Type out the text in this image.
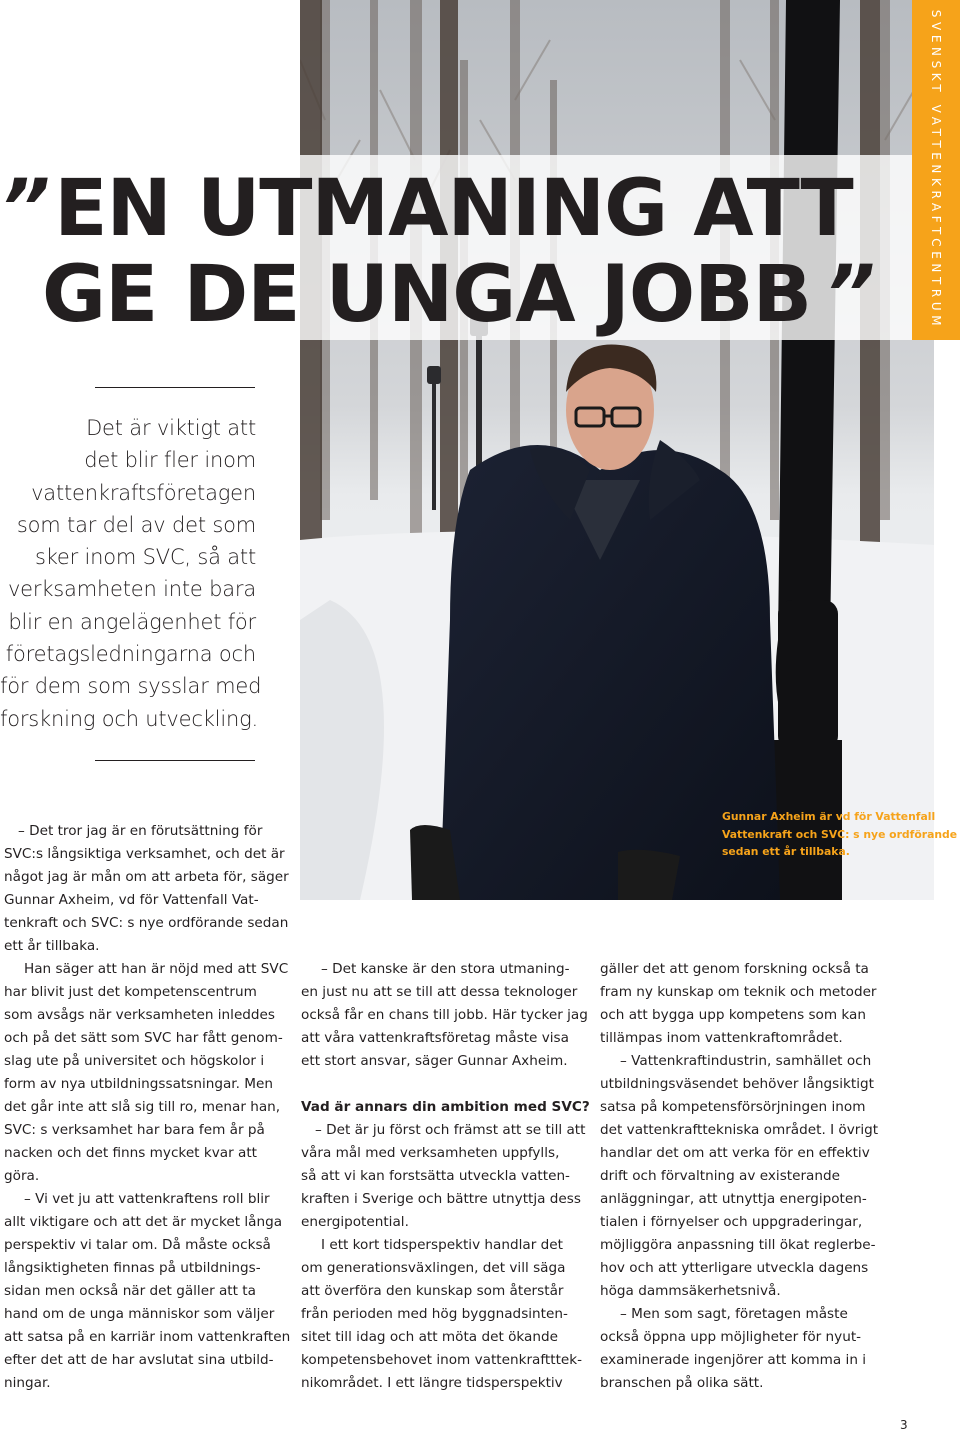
SVENSKT VATTENKRAFTCENTRUM
” EN UTMANING ATT
GE DE UNGA JOBB ”
Det är viktigt att
det blir fler inom
vattenkraftsföretagen
som tar del av det som
sker inom SVC, så att
verksamheten inte bara
blir en angelägenhet för
företagsledningarna och
för dem som sysslar med
forskning och utveckling.
Gunnar Axheim är vd för Vattenfall
Vattenkraft och SVC: s nye ordförande
sedan ett år tillbaka.
– Det tror jag är en förutsättning för
SVC:s långsiktiga verksamhet, och det är
något jag är mån om att arbeta för, säger
Gunnar Axheim, vd för Vattenfall Vat-
tenkraft och SVC: s nye ordförande sedan
ett år tillbaka.
Han säger att han är nöjd med att SVC
har blivit just det kompetenscentrum
som avsågs när verksamheten inleddes
och på det sätt som SVC har fått genom-
slag ute på universitet och högskolor i
form av nya utbildningssatsningar. Men
det går inte att slå sig till ro, menar han,
SVC: s verksamhet har bara fem år på
nacken och det finns mycket kvar att
göra.
– Vi vet ju att vattenkraftens roll blir
allt viktigare och att det är mycket långa
perspektiv vi talar om. Då måste också
långsiktigheten finnas på utbildnings-
sidan men också när det gäller att ta
hand om de unga människor som väljer
att satsa på en karriär inom vattenkraften
efter det att de har avslutat sina utbild-
ningar.
– Det kanske är den stora utmaning-
en just nu att se till att dessa teknologer
också får en chans till jobb. Här tycker jag
att våra vattenkraftsföretag måste visa
ett stort ansvar, säger Gunnar Axheim.
Vad är annars din ambition med SVC?
– Det är ju först och främst att se till att
våra mål med verksamheten uppfylls,
så att vi kan forstsätta utveckla vatten-
kraften i Sverige och bättre utnyttja dess
energipotential.
I ett kort tidsperspektiv handlar det
om generationsväxlingen, det vill säga
att överföra den kunskap som återstår
från perioden med hög byggnadsinten-
sitet till idag och att möta det ökande
kompetensbehovet inom vattenkraftttek-
nikområdet. I ett längre tidsperspektiv
gäller det att genom forskning också ta
fram ny kunskap om teknik och metoder
och att bygga upp kompetens som kan
tillämpas inom vattenkraftområdet.
– Vattenkraftindustrin, samhället och
utbildningsväsendet behöver långsiktigt
satsa på kompetensförsörjningen inom
det vattenkrafttekniska området. I övrigt
handlar det om att verka för en effektiv
drift och förvaltning av existerande
anläggningar, att utnyttja energipoten-
tialen i förnyelser och uppgraderingar,
möjliggöra anpassning till ökat reglerbe-
hov och att ytterligare utveckla dagens
höga dammsäkerhetsnivå.
– Men som sagt, företagen måste
också öppna upp möjligheter för nyut-
examinerade ingenjörer att komma in i
branschen på olika sätt.
3
